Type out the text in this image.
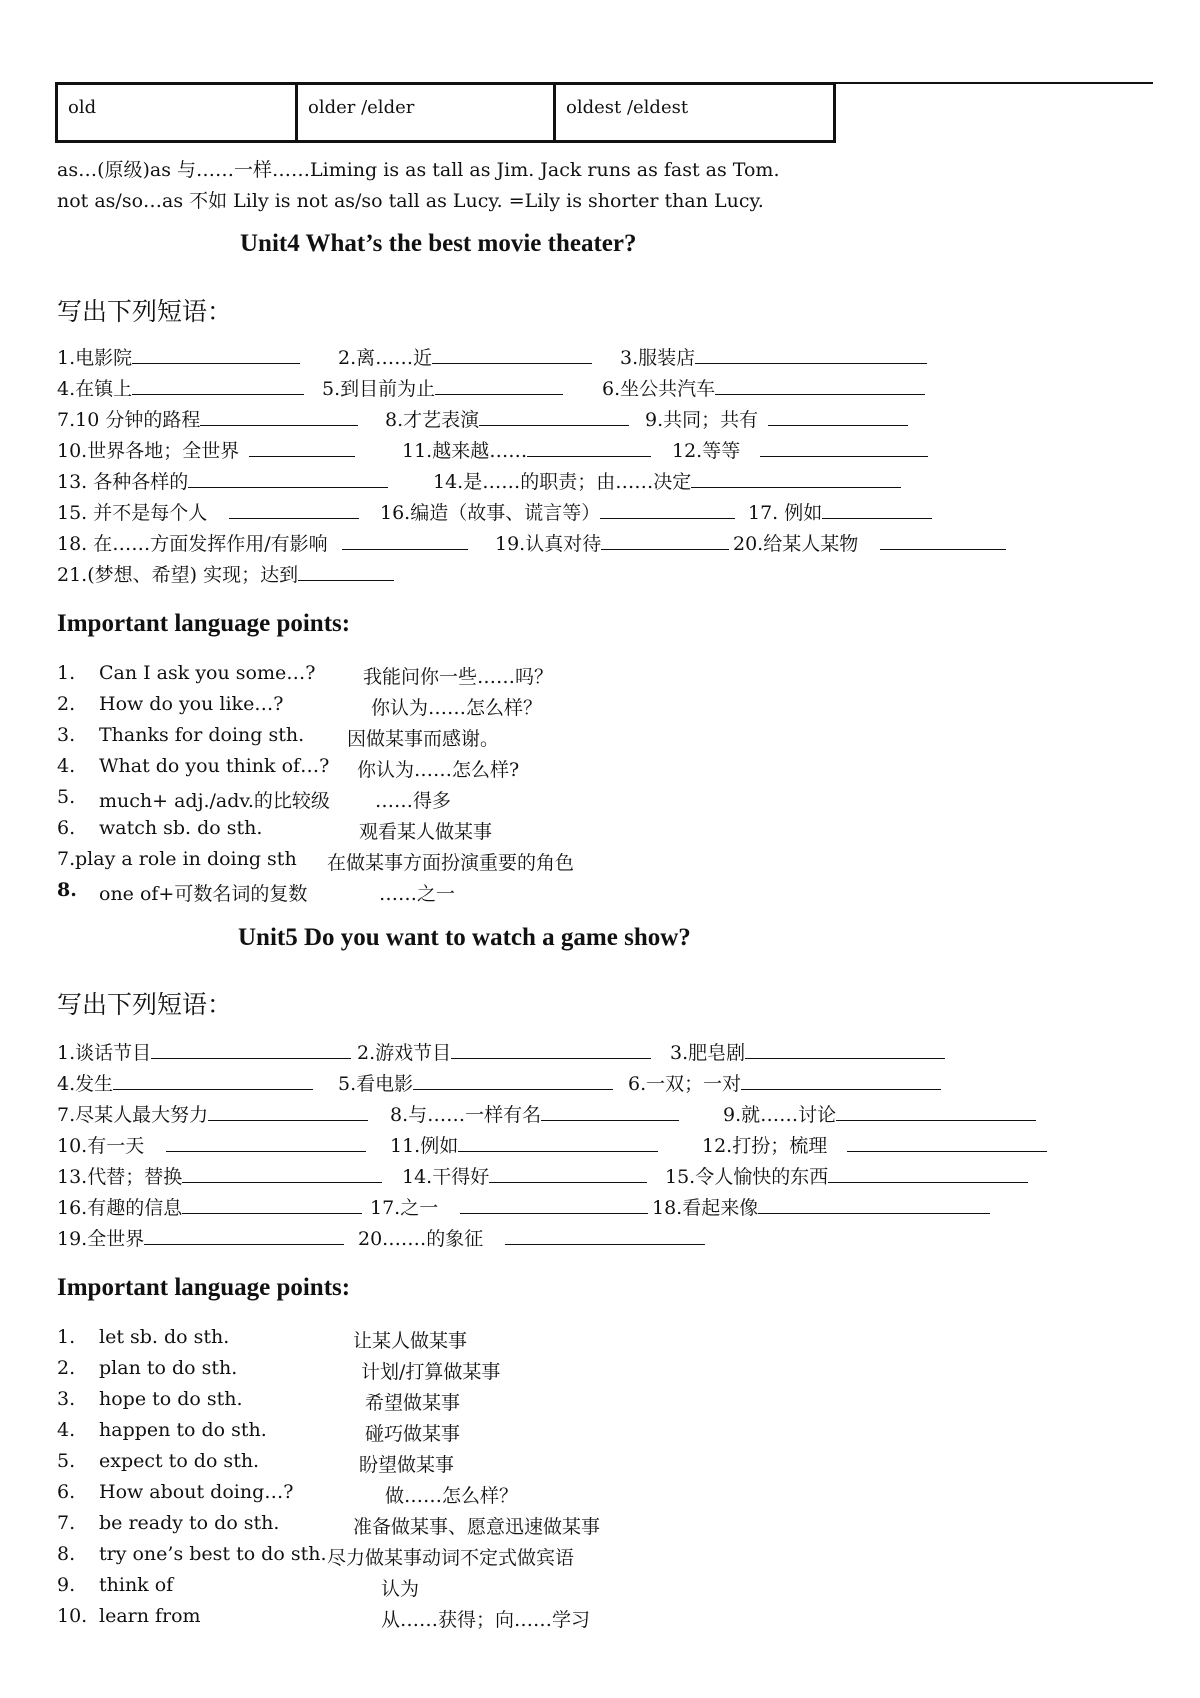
old	older /elder	oldest /eldest
as…(原级)as 与……一样……Liming is as tall as Jim. Jack runs as fast as Tom.
not as/so…as 不如 Lily is not as/so tall as Lucy. =Lily is shorter than Lucy.
Unit4 What’s the best movie theater?
写出下列短语：
1.电影院	2.离……近	3.服装店
4.在镇上	5.到目前为止	6.坐公共汽车
7.10 分钟的路程	8.才艺表演	9.共同；共有
10.世界各地；全世界	11.越来越……	12.等等
13. 各种各样的	14.是……的职责；由……决定
15. 并不是每个人	16.编造（故事、谎言等）	17. 例如
18. 在……方面发挥作用/有影响	19.认真对待	20.给某人某物
21.(梦想、希望) 实现；达到
Important language points:
1. Can I ask you some…?	我能问你一些……吗？
2. How do you like…?	你认为……怎么样？
3. Thanks for doing sth. 因做某事而感谢。
4. What do you think of…? 你认为……怎么样?
5. much+ adj./adv.的比较级 ……得多
6. watch sb. do sth.	观看某人做某事
7. play a role in doing sth 在做某事方面扮演重要的角色
8. one of+可数名词的复数	……之一
Unit5 Do you want to watch a game show?
写出下列短语：
1.谈话节目	2.游戏节目	3.肥皂剧
4.发生	5.看电影	6.一双；一对
7.尽某人最大努力	8.与……一样有名	9.就……讨论
10.有一天	11.例如	12.打扮；梳理
13.代替；替换	14.干得好	15.令人愉快的东西
16.有趣的信息	17.之一	18.看起来像
19.全世界	20.……的象征
Important language points:
1. let sb. do sth.	让某人做某事
2. plan to do sth.	计划/打算做某事
3. hope to do sth.	希望做某事
4. happen to do sth.	碰巧做某事
5. expect to do sth.	盼望做某事
6. How about doing…?	做……怎么样？
7. be ready to do sth.	准备做某事、愿意迅速做某事
8. try one’s best to do sth. 尽力做某事动词不定式做宾语
9. think of	认为
10. learn from	从……获得；向……学习
